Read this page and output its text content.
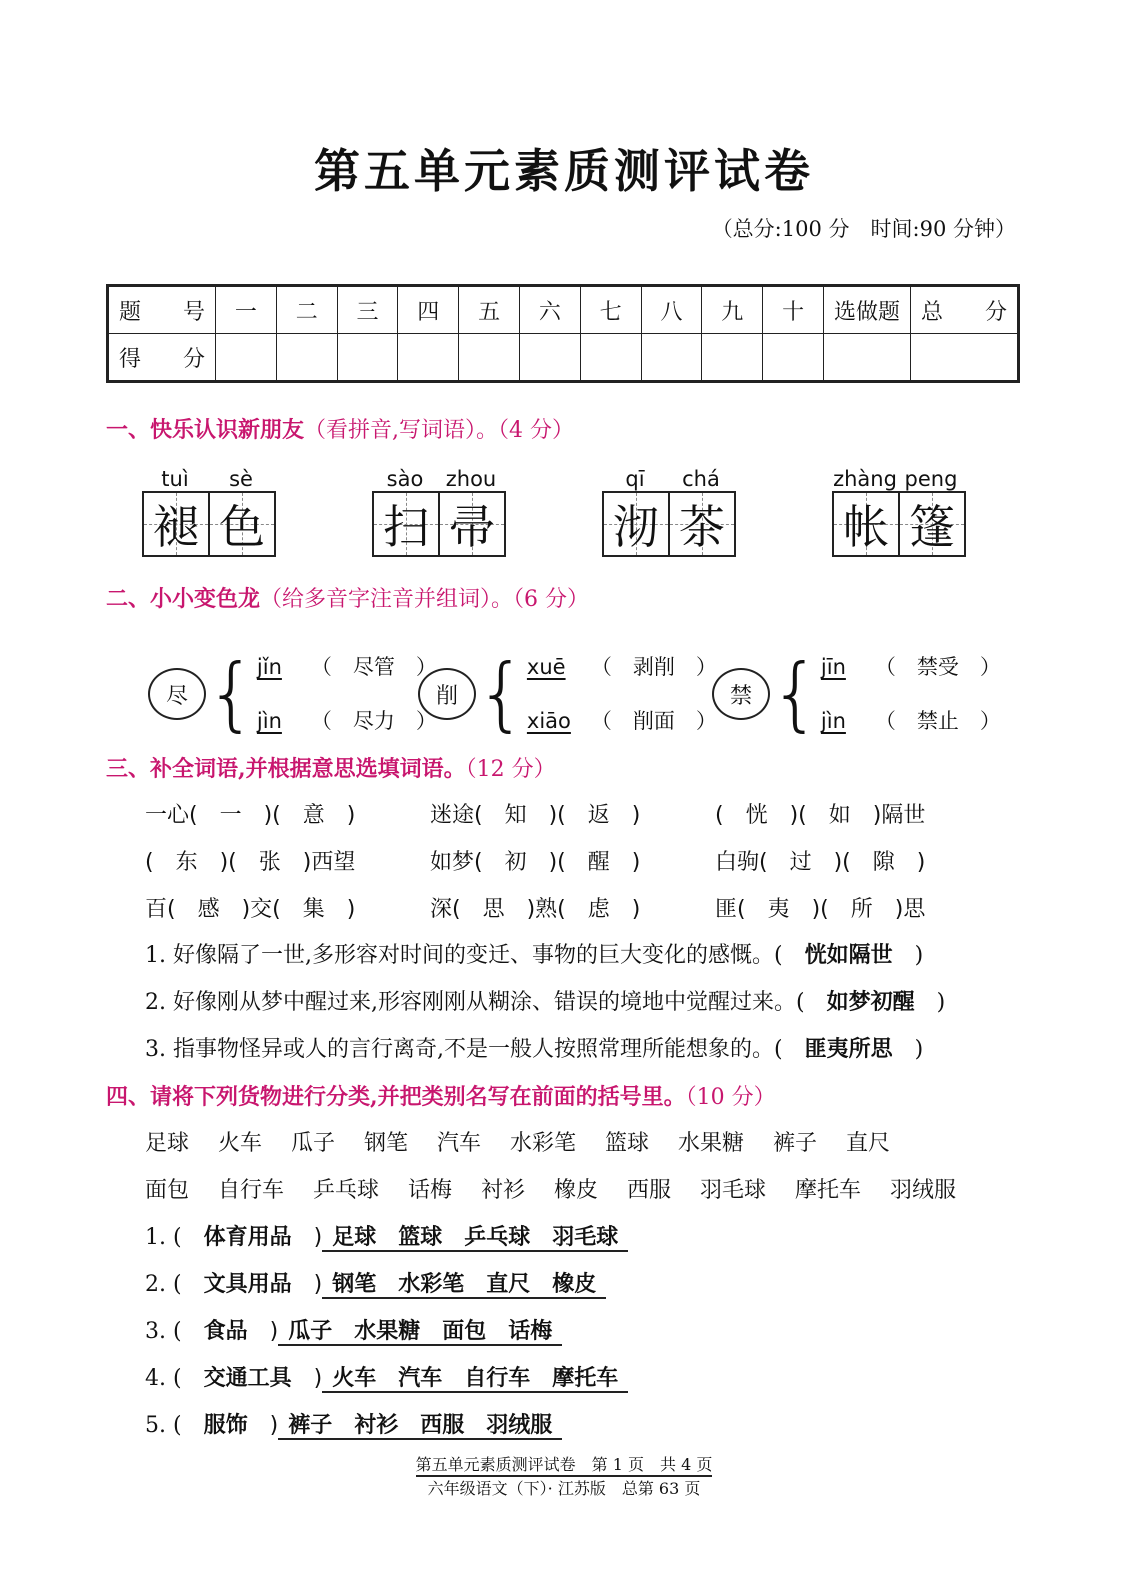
第五单元素质测评试卷
（总分:100 分　时间:90 分钟）
题　号	一	二	三	四	五	六	七	八	九	十	选做题	总　分
得　分												
一、快乐认识新朋友（看拼音,写词语）。（4 分）
tuì	sè
褪 色
sào	zhou
扫 帚
qī	chá
沏 茶
zhàng peng
帐 篷
二、小小变色龙（给多音字注音并组词）。（6 分）
尽 { jǐn （　尽管　）
jìn （　尽力　）
削 { xuē （　剥削　）
xiāo （　削面　）
禁 { jīn （　禁受　）
jìn （　禁止　）
三、补全词语,并根据意思选填词语。（12 分）
一心(　一　)(　意　)	迷途(　知　)(　返　)	(　恍　)(　如　)隔世
(　东　)(　张　)西望	如梦(　初　)(　醒　)	白驹(　过　)(　隙　)
百(　感　)交(　集　)	深(　思　)熟(　虑　)	匪(　夷　)(　所　)思
1. 好像隔了一世,多形容对时间的变迁、事物的巨大变化的感慨。(　 恍如隔世　 )
2. 好像刚从梦中醒过来,形容刚刚从糊涂、错误的境地中觉醒过来。(　 如梦初醒　 )
3. 指事物怪异或人的言行离奇,不是一般人按照常理所能想象的。(　 匪夷所思　 )
四、请将下列货物进行分类,并把类别名写在前面的括号里。（10 分）
足球　 火车　 瓜子　 钢笔　 汽车　 水彩笔　 篮球　 水果糖　 裤子　 直尺
面包　 自行车　 乒乓球　 话梅　 衬衫　 橡皮　 西服　 羽毛球　 摩托车　 羽绒服
1. (　 体育用品　 ) 足球　篮球　乒乓球　羽毛球
2. (　 文具用品　 ) 钢笔　水彩笔　直尺　橡皮
3. (　 食品　 ) 瓜子　水果糖　面包　话梅
4. (　 交通工具　 ) 火车　汽车　自行车　摩托车
5. (　 服饰　 ) 裤子　衬衫　西服　羽绒服
第五单元素质测评试卷　第 1 页　共 4 页
六年级语文（下）· 江苏版　总第 63 页
